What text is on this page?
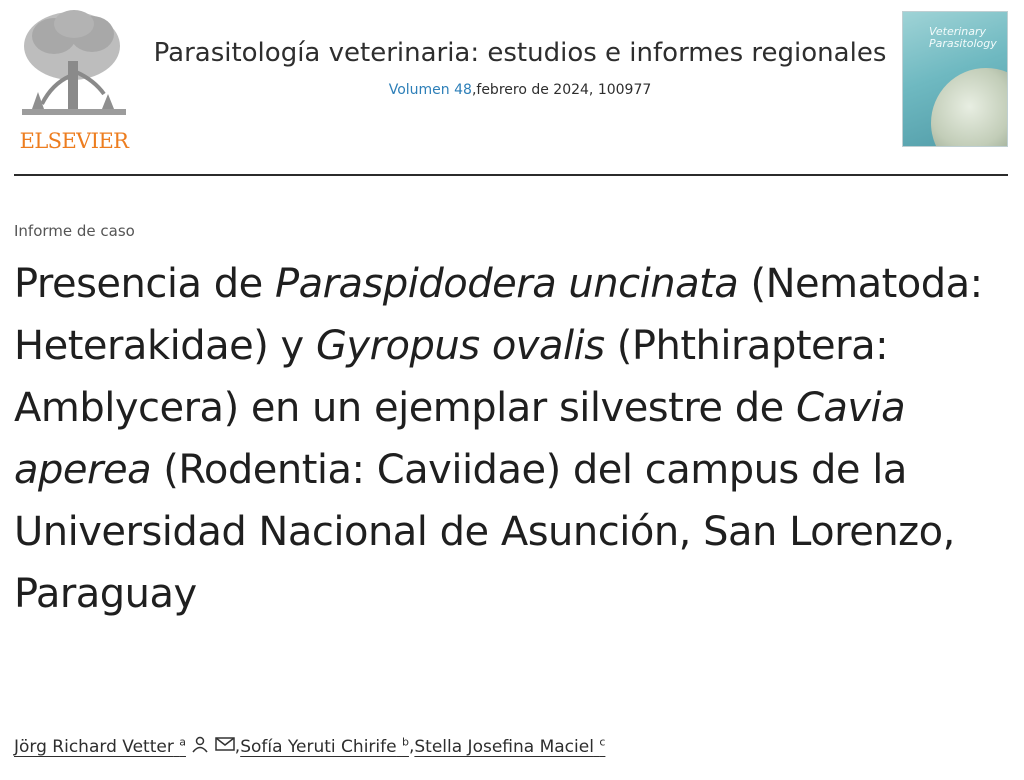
ELSEVIER
Parasitología veterinaria: estudios e informes regionales
Volumen 48,febrero de 2024, 100977
Veterinary Parasitology
Informe de caso
Presencia de Paraspidodera uncinata (Nematoda: Heterakidae) y Gyropus ovalis (Phthiraptera: Amblycera) en un ejemplar silvestre de Cavia aperea (Rodentia: Caviidae) del campus de la Universidad Nacional de Asunción, San Lorenzo, Paraguay
Jörg Richard Vetter $^a$	,Sofía Yeruti Chirife $^b$,Stella Josefina Maciel $^c$
